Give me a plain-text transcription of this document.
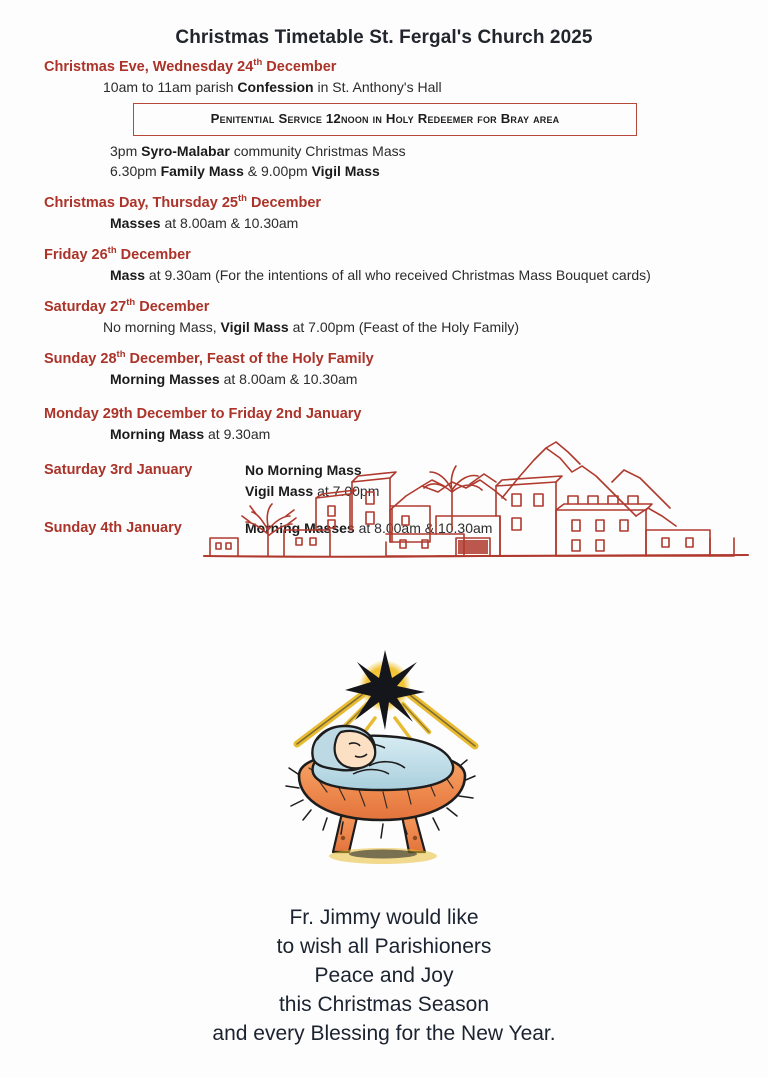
Christmas Timetable St. Fergal's Church 2025
Christmas Eve, Wednesday 24th December
10am to 11am parish Confession in St. Anthony's Hall
Penitential Service 12noon in Holy Redeemer for Bray area
3pm Syro-Malabar community Christmas Mass
6.30pm Family Mass & 9.00pm Vigil Mass
Christmas Day, Thursday 25th December
Masses at 8.00am & 10.30am
Friday 26th December
Mass at 9.30am (For the intentions of all who received Christmas Mass Bouquet cards)
Saturday 27th December
No morning Mass, Vigil Mass at 7.00pm (Feast of the Holy Family)
Sunday 28th December, Feast of the Holy Family
Morning Masses at 8.00am & 10.30am
Monday 29th December to Friday 2nd January
Morning Mass at 9.30am
Saturday 3rd January	No Morning Mass
Vigil Mass at 7.00pm
Sunday 4th January	Morning Masses at 8.00am & 10.30am
Fr. Jimmy would like
to wish all Parishioners
Peace and Joy
this Christmas Season
and every Blessing for the New Year.
